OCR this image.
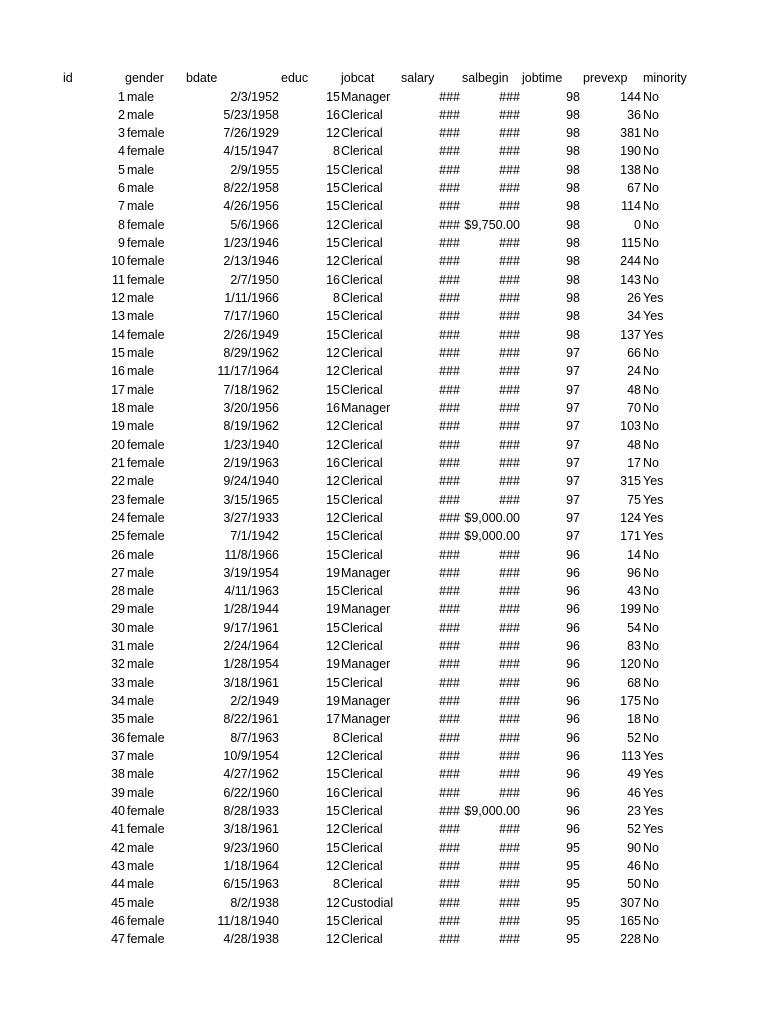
id	gender	bdate	educ	jobcat	salary	salbegin	jobtime	prevexp	minority
1 male	2/3/1952	15 Manager	###	###	98	144 No
2 male	5/23/1958	16 Clerical	###	###	98	36 No
3 female	7/26/1929	12 Clerical	###	###	98	381 No
4 female	4/15/1947	8 Clerical	###	###	98	190 No
5 male	2/9/1955	15 Clerical	###	###	98	138 No
6 male	8/22/1958	15 Clerical	###	###	98	67 No
7 male	4/26/1956	15 Clerical	###	###	98	114 No
8 female	5/6/1966	12 Clerical	### $9,750.00	98	0 No
9 female	1/23/1946	15 Clerical	###	###	98	115 No
10 female	2/13/1946	12 Clerical	###	###	98	244 No
11 female	2/7/1950	16 Clerical	###	###	98	143 No
12 male	1/11/1966	8 Clerical	###	###	98	26 Yes
13 male	7/17/1960	15 Clerical	###	###	98	34 Yes
14 female	2/26/1949	15 Clerical	###	###	98	137 Yes
15 male	8/29/1962	12 Clerical	###	###	97	66 No
16 male	11/17/1964	12 Clerical	###	###	97	24 No
17 male	7/18/1962	15 Clerical	###	###	97	48 No
18 male	3/20/1956	16 Manager	###	###	97	70 No
19 male	8/19/1962	12 Clerical	###	###	97	103 No
20 female	1/23/1940	12 Clerical	###	###	97	48 No
21 female	2/19/1963	16 Clerical	###	###	97	17 No
22 male	9/24/1940	12 Clerical	###	###	97	315 Yes
23 female	3/15/1965	15 Clerical	###	###	97	75 Yes
24 female	3/27/1933	12 Clerical	### $9,000.00	97	124 Yes
25 female	7/1/1942	15 Clerical	### $9,000.00	97	171 Yes
26 male	11/8/1966	15 Clerical	###	###	96	14 No
27 male	3/19/1954	19 Manager	###	###	96	96 No
28 male	4/11/1963	15 Clerical	###	###	96	43 No
29 male	1/28/1944	19 Manager	###	###	96	199 No
30 male	9/17/1961	15 Clerical	###	###	96	54 No
31 male	2/24/1964	12 Clerical	###	###	96	83 No
32 male	1/28/1954	19 Manager	###	###	96	120 No
33 male	3/18/1961	15 Clerical	###	###	96	68 No
34 male	2/2/1949	19 Manager	###	###	96	175 No
35 male	8/22/1961	17 Manager	###	###	96	18 No
36 female	8/7/1963	8 Clerical	###	###	96	52 No
37 male	10/9/1954	12 Clerical	###	###	96	113 Yes
38 male	4/27/1962	15 Clerical	###	###	96	49 Yes
39 male	6/22/1960	16 Clerical	###	###	96	46 Yes
40 female	8/28/1933	15 Clerical	### $9,000.00	96	23 Yes
41 female	3/18/1961	12 Clerical	###	###	96	52 Yes
42 male	9/23/1960	15 Clerical	###	###	95	90 No
43 male	1/18/1964	12 Clerical	###	###	95	46 No
44 male	6/15/1963	8 Clerical	###	###	95	50 No
45 male	8/2/1938	12 Custodial	###	###	95	307 No
46 female	11/18/1940	15 Clerical	###	###	95	165 No
47 female	4/28/1938	12 Clerical	###	###	95	228 No
